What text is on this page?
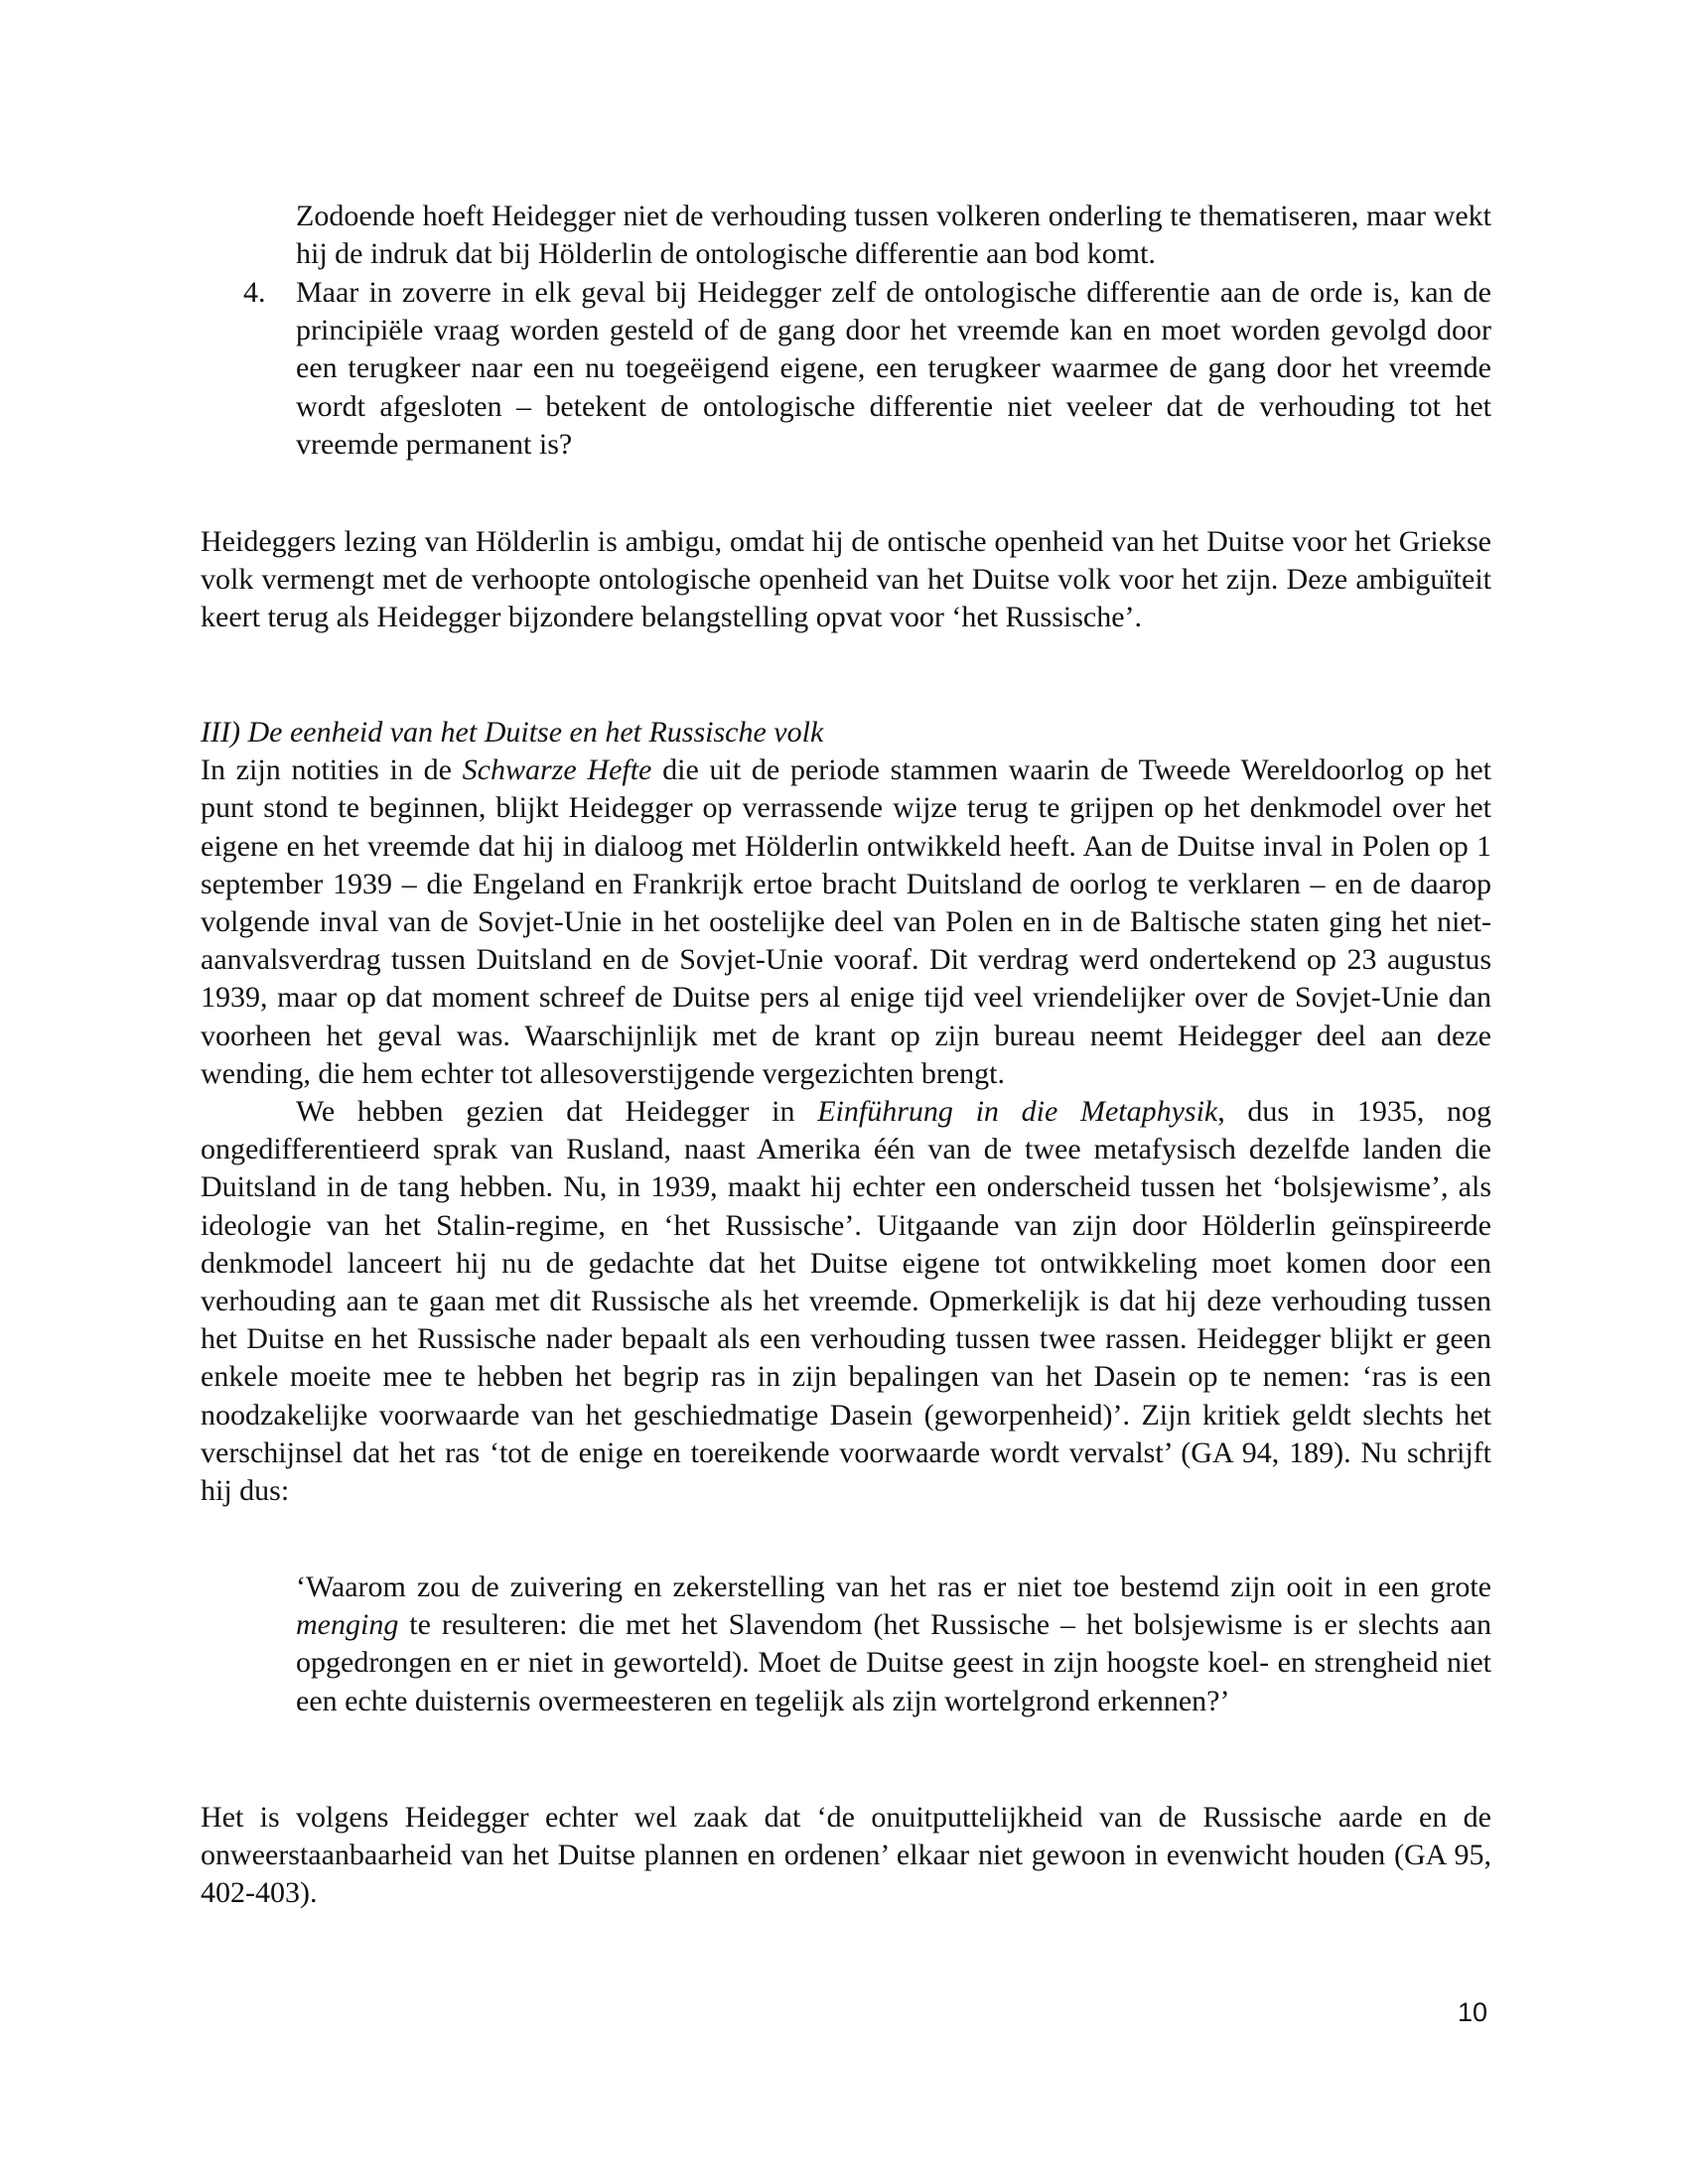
Zodoende hoeft Heidegger niet de verhouding tussen volkeren onderling te thematiseren, maar wekt hij de indruk dat bij Hölderlin de ontologische differentie aan bod komt.

4.	Maar in zoverre in elk geval bij Heidegger zelf de ontologische differentie aan de orde is, kan de principiële vraag worden gesteld of de gang door het vreemde kan en moet worden gevolgd door een terugkeer naar een nu toegeëigend eigene, een terugkeer waarmee de gang door het vreemde wordt afgesloten – betekent de ontologische differentie niet veeleer dat de verhouding tot het vreemde permanent is?

Heideggers lezing van Hölderlin is ambigu, omdat hij de ontische openheid van het Duitse voor het Griekse volk vermengt met de verhoopte ontologische openheid van het Duitse volk voor het zijn. Deze ambiguïteit keert terug als Heidegger bijzondere belangstelling opvat voor ‘het Russische’.

III) De eenheid van het Duitse en het Russische volk

In zijn notities in de Schwarze Hefte die uit de periode stammen waarin de Tweede Wereldoorlog op het punt stond te beginnen, blijkt Heidegger op verrassende wijze terug te grijpen op het denkmodel over het eigene en het vreemde dat hij in dialoog met Hölderlin ontwikkeld heeft. Aan de Duitse inval in Polen op 1 september 1939 – die Engeland en Frankrijk ertoe bracht Duitsland de oorlog te verklaren – en de daarop volgende inval van de Sovjet-Unie in het oostelijke deel van Polen en in de Baltische staten ging het niet-aanvalsverdrag tussen Duitsland en de Sovjet-Unie vooraf. Dit verdrag werd ondertekend op 23 augustus 1939, maar op dat moment schreef de Duitse pers al enige tijd veel vriendelijker over de Sovjet-Unie dan voorheen het geval was. Waarschijnlijk met de krant op zijn bureau neemt Heidegger deel aan deze wending, die hem echter tot allesoverstijgende vergezichten brengt.

We hebben gezien dat Heidegger in Einführung in die Metaphysik, dus in 1935, nog ongedifferentieerd sprak van Rusland, naast Amerika één van de twee metafysisch dezelfde landen die Duitsland in de tang hebben. Nu, in 1939, maakt hij echter een onderscheid tussen het ‘bolsjewisme’, als ideologie van het Stalin-regime, en ‘het Russische’. Uitgaande van zijn door Hölderlin geïnspireerde denkmodel lanceert hij nu de gedachte dat het Duitse eigene tot ontwikkeling moet komen door een verhouding aan te gaan met dit Russische als het vreemde. Opmerkelijk is dat hij deze verhouding tussen het Duitse en het Russische nader bepaalt als een verhouding tussen twee rassen. Heidegger blijkt er geen enkele moeite mee te hebben het begrip ras in zijn bepalingen van het Dasein op te nemen: ‘ras is een noodzakelijke voorwaarde van het geschiedmatige Dasein (geworpenheid)’. Zijn kritiek geldt slechts het verschijnsel dat het ras ‘tot de enige en toereikende voorwaarde wordt vervalst’ (GA 94, 189). Nu schrijft hij dus:

‘Waarom zou de zuivering en zekerstelling van het ras er niet toe bestemd zijn ooit in een grote menging te resulteren: die met het Slavendom (het Russische – het bolsjewisme is er slechts aan opgedrongen en er niet in geworteld). Moet de Duitse geest in zijn hoogste koel- en strengheid niet een echte duisternis overmeesteren en tegelijk als zijn wortelgrond erkennen?’

Het is volgens Heidegger echter wel zaak dat ‘de onuitputtelijkheid van de Russische aarde en de onweerstaanbaarheid van het Duitse plannen en ordenen’ elkaar niet gewoon in evenwicht houden (GA 95, 402-403).

10
